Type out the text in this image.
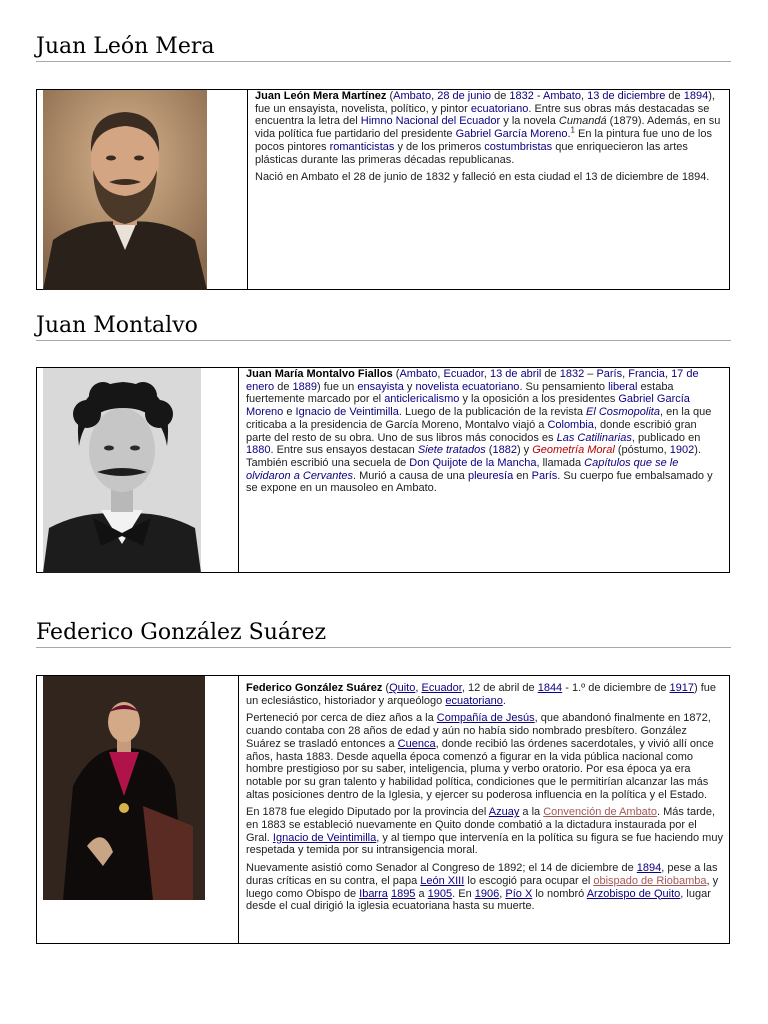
Juan León Mera

Juan León Mera Martínez (Ambato, 28 de junio de 1832 - Ambato, 13 de diciembre de 1894), fue un ensayista, novelista, político, y pintor ecuatoriano. Entre sus obras más destacadas se encuentra la letra del Himno Nacional del Ecuador y la novela Cumandá (1879). Además, en su vida política fue partidario del presidente Gabriel García Moreno.$^1$ En la pintura fue uno de los pocos pintores romanticistas y de los primeros costumbristas que enriquecieron las artes plásticas durante las primeras décadas republicanas.

Nació en Ambato el 28 de junio de 1832 y falleció en esta ciudad el 13 de diciembre de 1894.

Juan Montalvo

Juan María Montalvo Fiallos (Ambato, Ecuador, 13 de abril de 1832 – París, Francia, 17 de enero de 1889) fue un ensayista y novelista ecuatoriano. Su pensamiento liberal estaba fuertemente marcado por el anticlericalismo y la oposición a los presidentes Gabriel García Moreno e Ignacio de Veintimilla. Luego de la publicación de la revista El Cosmopolita, en la que criticaba a la presidencia de García Moreno, Montalvo viajó a Colombia, donde escribió gran parte del resto de su obra. Uno de sus libros más conocidos es Las Catilinarias, publicado en 1880. Entre sus ensayos destacan Siete tratados (1882) y Geometría Moral (póstumo, 1902). También escribió una secuela de Don Quijote de la Mancha, llamada Capítulos que se le olvidaron a Cervantes. Murió a causa de una pleuresía en París. Su cuerpo fue embalsamado y se expone en un mausoleo en Ambato.

Federico González Suárez

Federico González Suárez (Quito, Ecuador, 12 de abril de 1844 - 1.º de diciembre de 1917) fue un eclesiástico, historiador y arqueólogo ecuatoriano.

Perteneció por cerca de diez años a la Compañía de Jesús, que abandonó finalmente en 1872, cuando contaba con 28 años de edad y aún no había sido nombrado presbítero. González Suárez se trasladó entonces a Cuenca, donde recibió las órdenes sacerdotales, y vivió allí once años, hasta 1883. Desde aquella época comenzó a figurar en la vida pública nacional como hombre prestigioso por su saber, inteligencia, pluma y verbo oratorio. Por esa época ya era notable por su gran talento y habilidad política, condiciones que le permitirían alcanzar las más altas posiciones dentro de la Iglesia, y ejercer su poderosa influencia en la política y el Estado.

En 1878 fue elegido Diputado por la provincia del Azuay a la Convención de Ambato. Más tarde, en 1883 se estableció nuevamente en Quito donde combatió a la dictadura instaurada por el Gral. Ignacio de Veintimilla, y al tiempo que intervenía en la política su figura se fue haciendo muy respetada y temida por su intransigencia moral.

Nuevamente asistió como Senador al Congreso de 1892; el 14 de diciembre de 1894, pese a las duras críticas en su contra, el papa León XIII lo escogió para ocupar el obispado de Riobamba, y luego como Obispo de Ibarra 1895 a 1905. En 1906, Pío X lo nombró Arzobispo de Quito, lugar desde el cual dirigió la iglesia ecuatoriana hasta su muerte.
